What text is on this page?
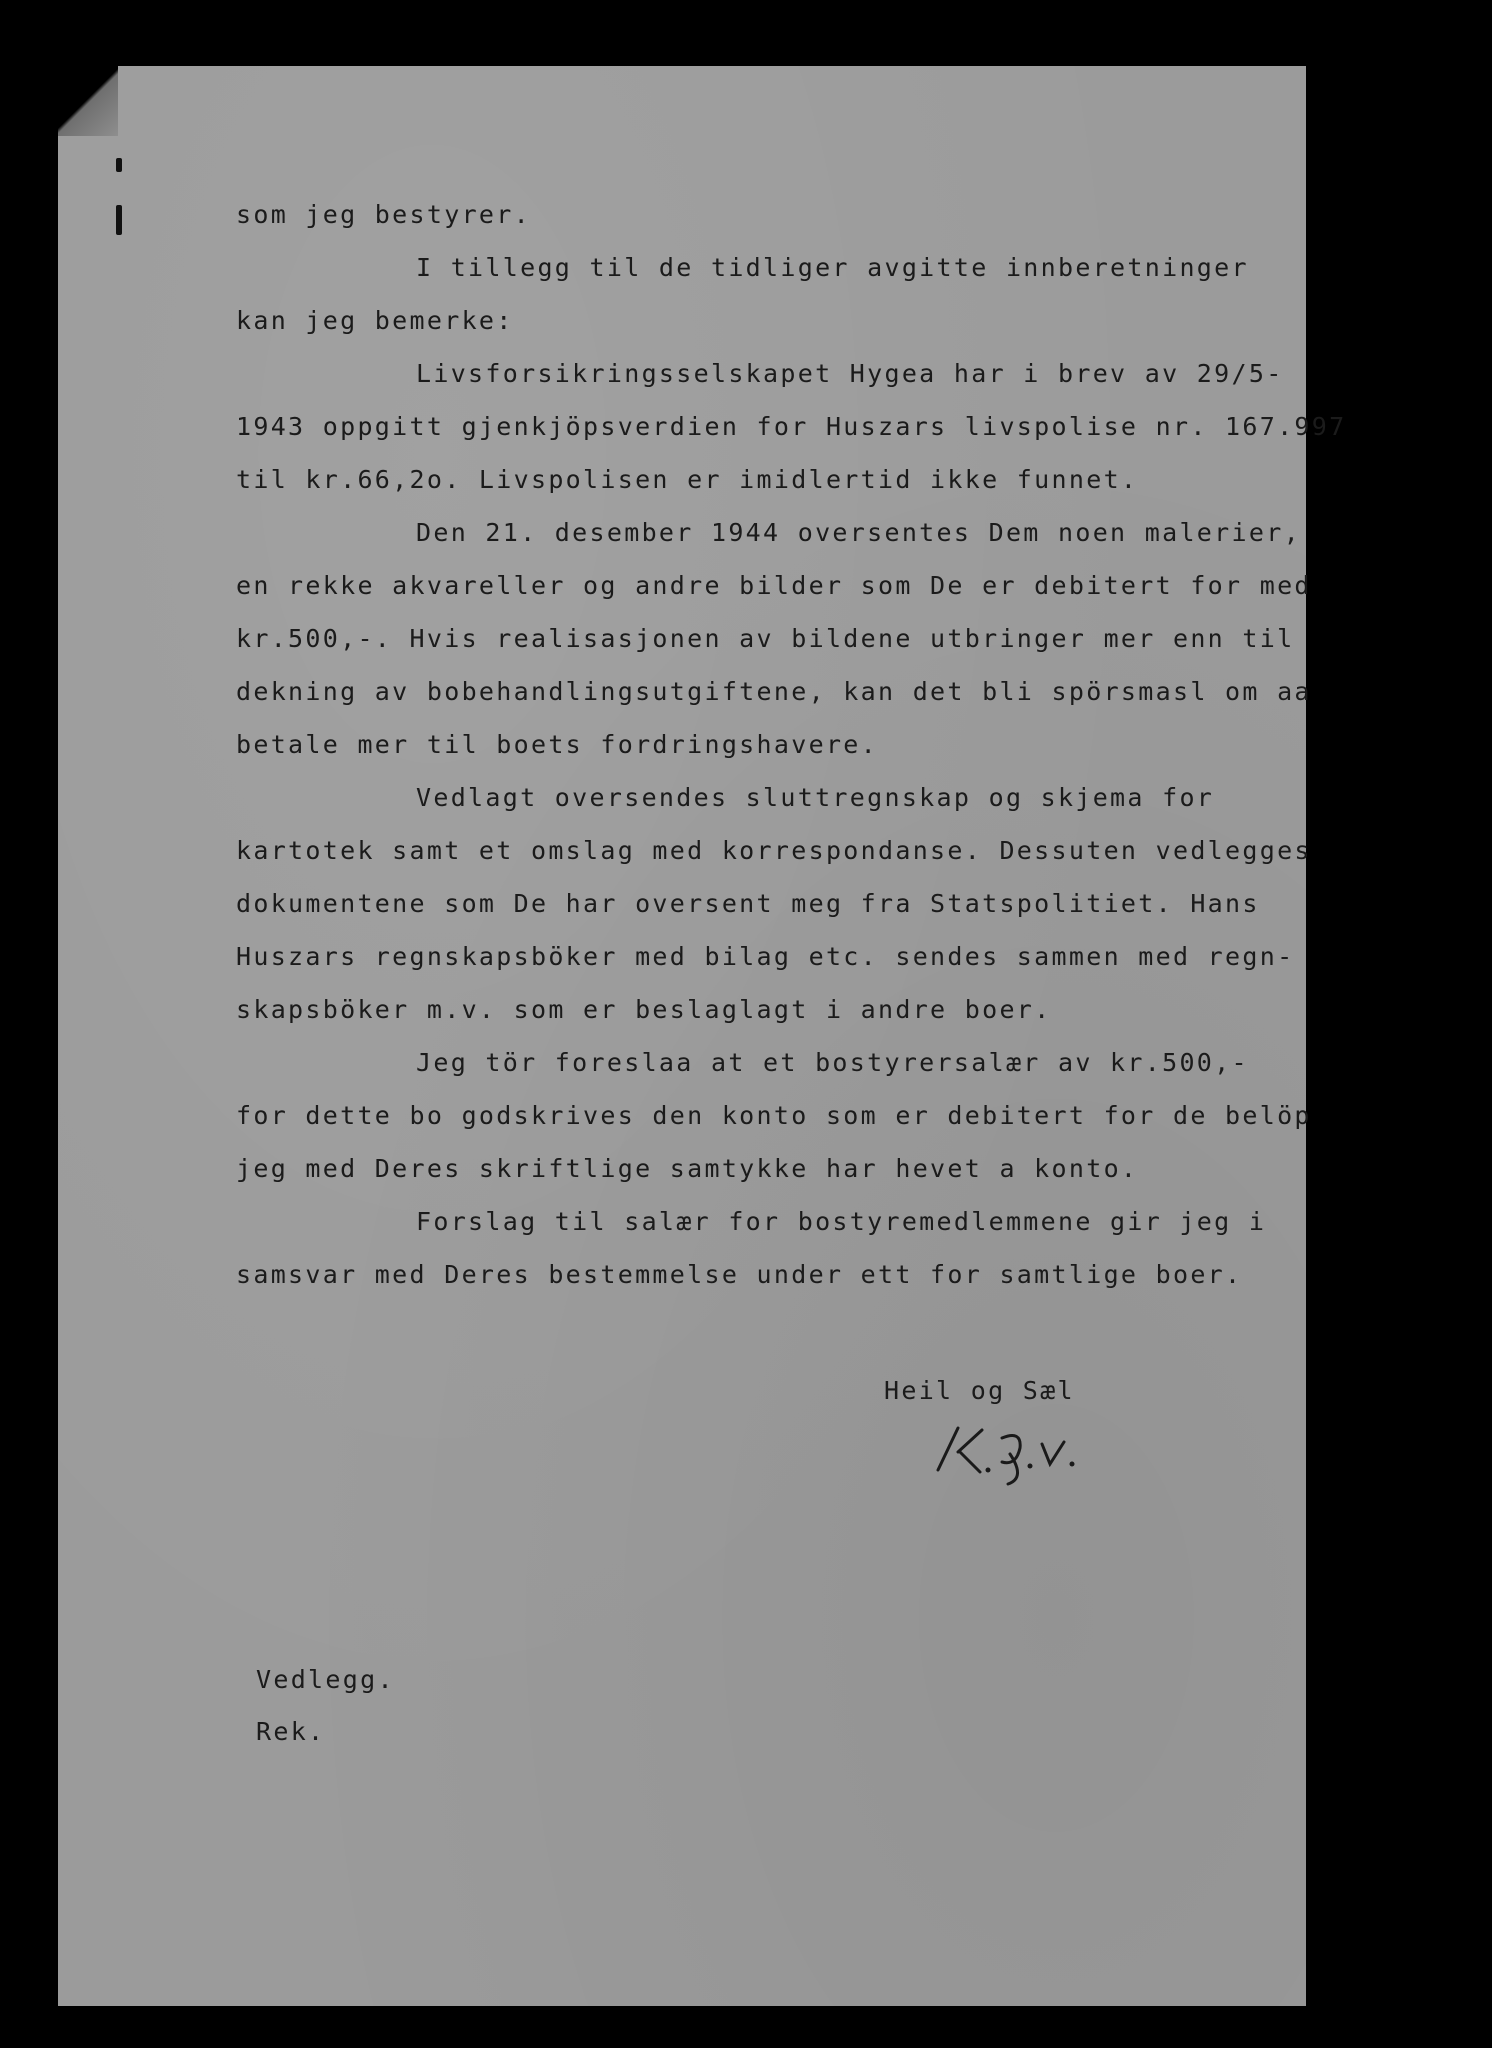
som jeg bestyrer.
I tillegg til de tidliger avgitte innberetninger
kan jeg bemerke:
Livsforsikringsselskapet Hygea har i brev av 29/5-
1943 oppgitt gjenkjöpsverdien for Huszars livspolise nr. 167.997
til kr.66,2o. Livspolisen er imidlertid ikke funnet.
Den 21. desember 1944 oversentes Dem noen malerier,
en rekke akvareller og andre bilder som De er debitert for med
kr.500,-. Hvis realisasjonen av bildene utbringer mer enn til
dekning av bobehandlingsutgiftene, kan det bli spörsmasl om aa
betale mer til boets fordringshavere.
Vedlagt oversendes sluttregnskap og skjema for
kartotek samt et omslag med korrespondanse. Dessuten vedlegges
dokumentene som De har oversent meg fra Statspolitiet. Hans
Huszars regnskapsböker med bilag etc. sendes sammen med regn-
skapsböker m.v. som er beslaglagt i andre boer.
Jeg tör foreslaa at et bostyrersalær av kr.500,-
for dette bo godskrives den konto som er debitert for de belöp
jeg med Deres skriftlige samtykke har hevet a konto.
Forslag til salær for bostyremedlemmene gir jeg i
samsvar med Deres bestemmelse under ett for samtlige boer.
Heil og Sæl
Vedlegg.
Rek.
